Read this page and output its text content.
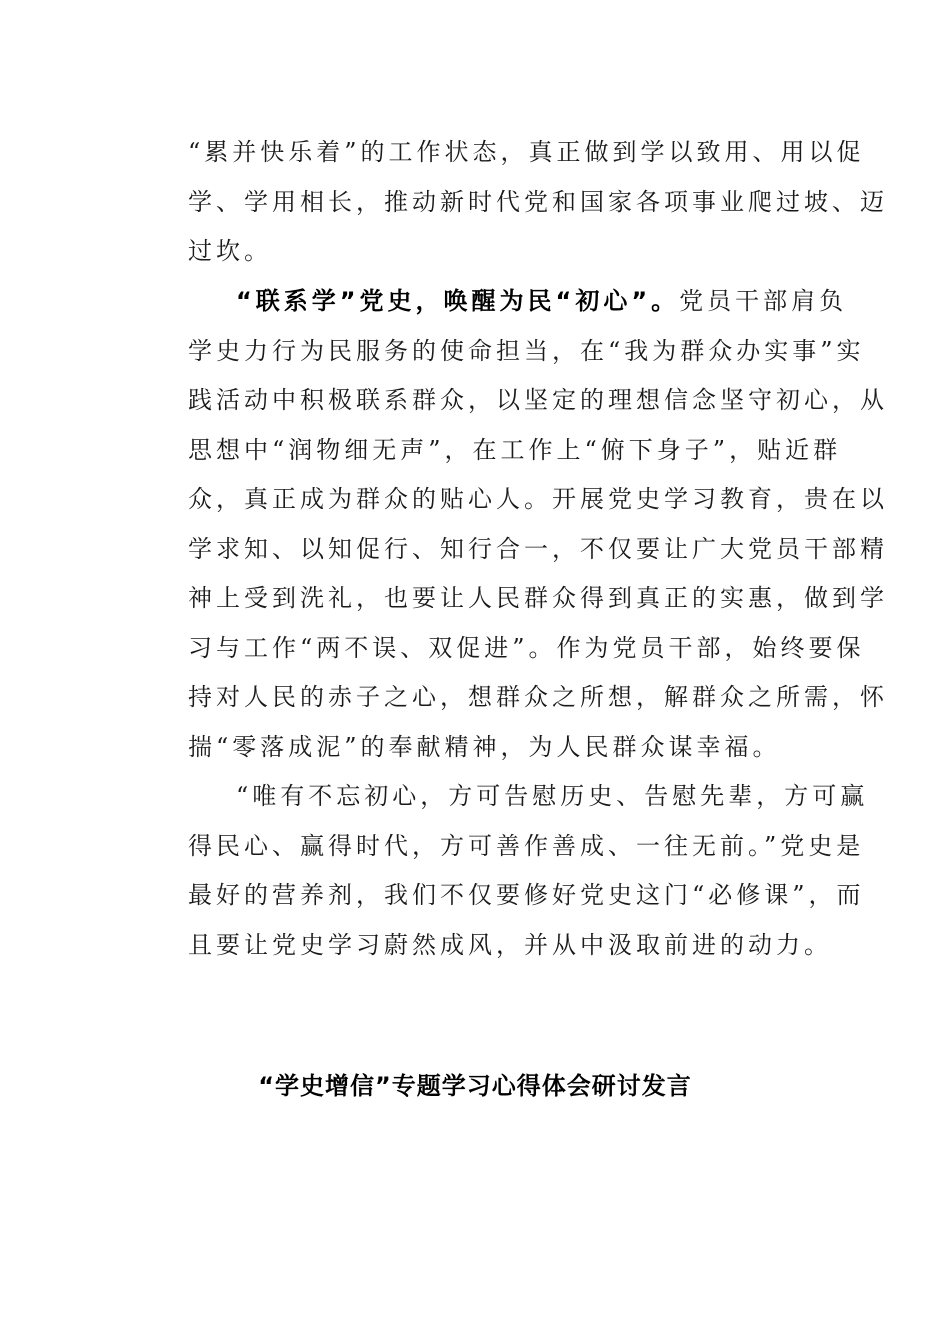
“累并快乐着”的工作状态，真正做到学以致用、用以促
学、学用相长，推动新时代党和国家各项事业爬过坡、迈
过坎。
“联系学”党史，唤醒为民“初心”。党员干部肩负
学史力行为民服务的使命担当，在“我为群众办实事”实
践活动中积极联系群众，以坚定的理想信念坚守初心，从
思想中“润物细无声”，在工作上“俯下身子”，贴近群
众，真正成为群众的贴心人。开展党史学习教育，贵在以
学求知、以知促行、知行合一，不仅要让广大党员干部精
神上受到洗礼，也要让人民群众得到真正的实惠，做到学
习与工作“两不误、双促进”。作为党员干部，始终要保
持对人民的赤子之心，想群众之所想，解群众之所需，怀
揣“零落成泥”的奉献精神，为人民群众谋幸福。
“唯有不忘初心，方可告慰历史、告慰先辈，方可赢
得民心、赢得时代，方可善作善成、一往无前。”党史是
最好的营养剂，我们不仅要修好党史这门“必修课”，而
且要让党史学习蔚然成风，并从中汲取前进的动力。
“学史增信”专题学习心得体会研讨发言
